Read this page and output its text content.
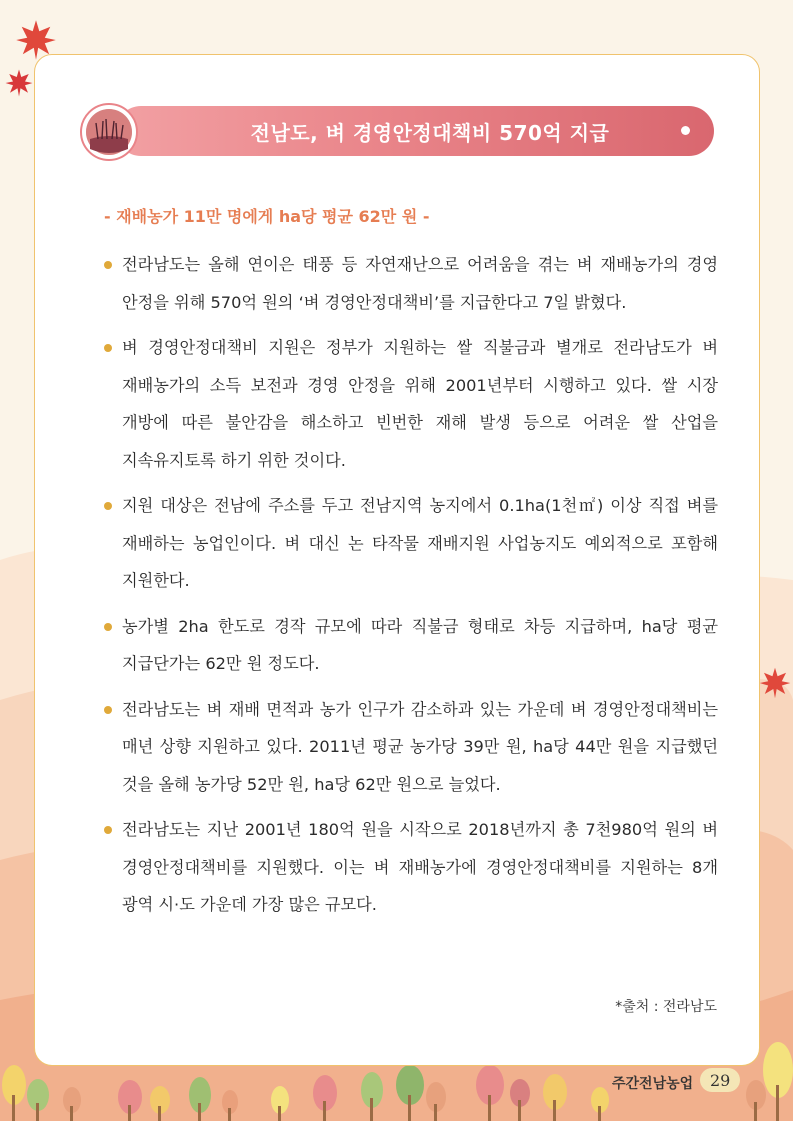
전남도, 벼 경영안정대책비 570억 지급
- 재배농가 11만 명에게 ha당 평균 62만 원 -

전라남도는 올해 연이은 태풍 등 자연재난으로 어려움을 겪는 벼 재배농가의 경영 안정을 위해 570억 원의 ‘벼 경영안정대책비’를 지급한다고 7일 밝혔다.

벼 경영안정대책비 지원은 정부가 지원하는 쌀 직불금과 별개로 전라남도가 벼 재배농가의 소득 보전과 경영 안정을 위해 2001년부터 시행하고 있다. 쌀 시장 개방에 따른 불안감을 해소하고 빈번한 재해 발생 등으로 어려운 쌀 산업을 지속유지토록 하기 위한 것이다.

지원 대상은 전남에 주소를 두고 전남지역 농지에서 0.1ha(1천㎡) 이상 직접 벼를 재배하는 농업인이다. 벼 대신 논 타작물 재배지원 사업농지도 예외적으로 포함해 지원한다.

농가별 2ha 한도로 경작 규모에 따라 직불금 형태로 차등 지급하며, ha당 평균 지급단가는 62만 원 정도다.

전라남도는 벼 재배 면적과 농가 인구가 감소하과 있는 가운데 벼 경영안정대책비는 매년 상향 지원하고 있다. 2011년 평균 농가당 39만 원, ha당 44만 원을 지급했던 것을 올해 농가당 52만 원, ha당 62만 원으로 늘었다.

전라남도는 지난 2001년 180억 원을 시작으로 2018년까지 총 7천980억 원의 벼 경영안정대책비를 지원했다. 이는 벼 재배농가에 경영안정대책비를 지원하는 8개 광역 시·도 가운데 가장 많은 규모다.

*출처 : 전라남도
주간전남농업 29
